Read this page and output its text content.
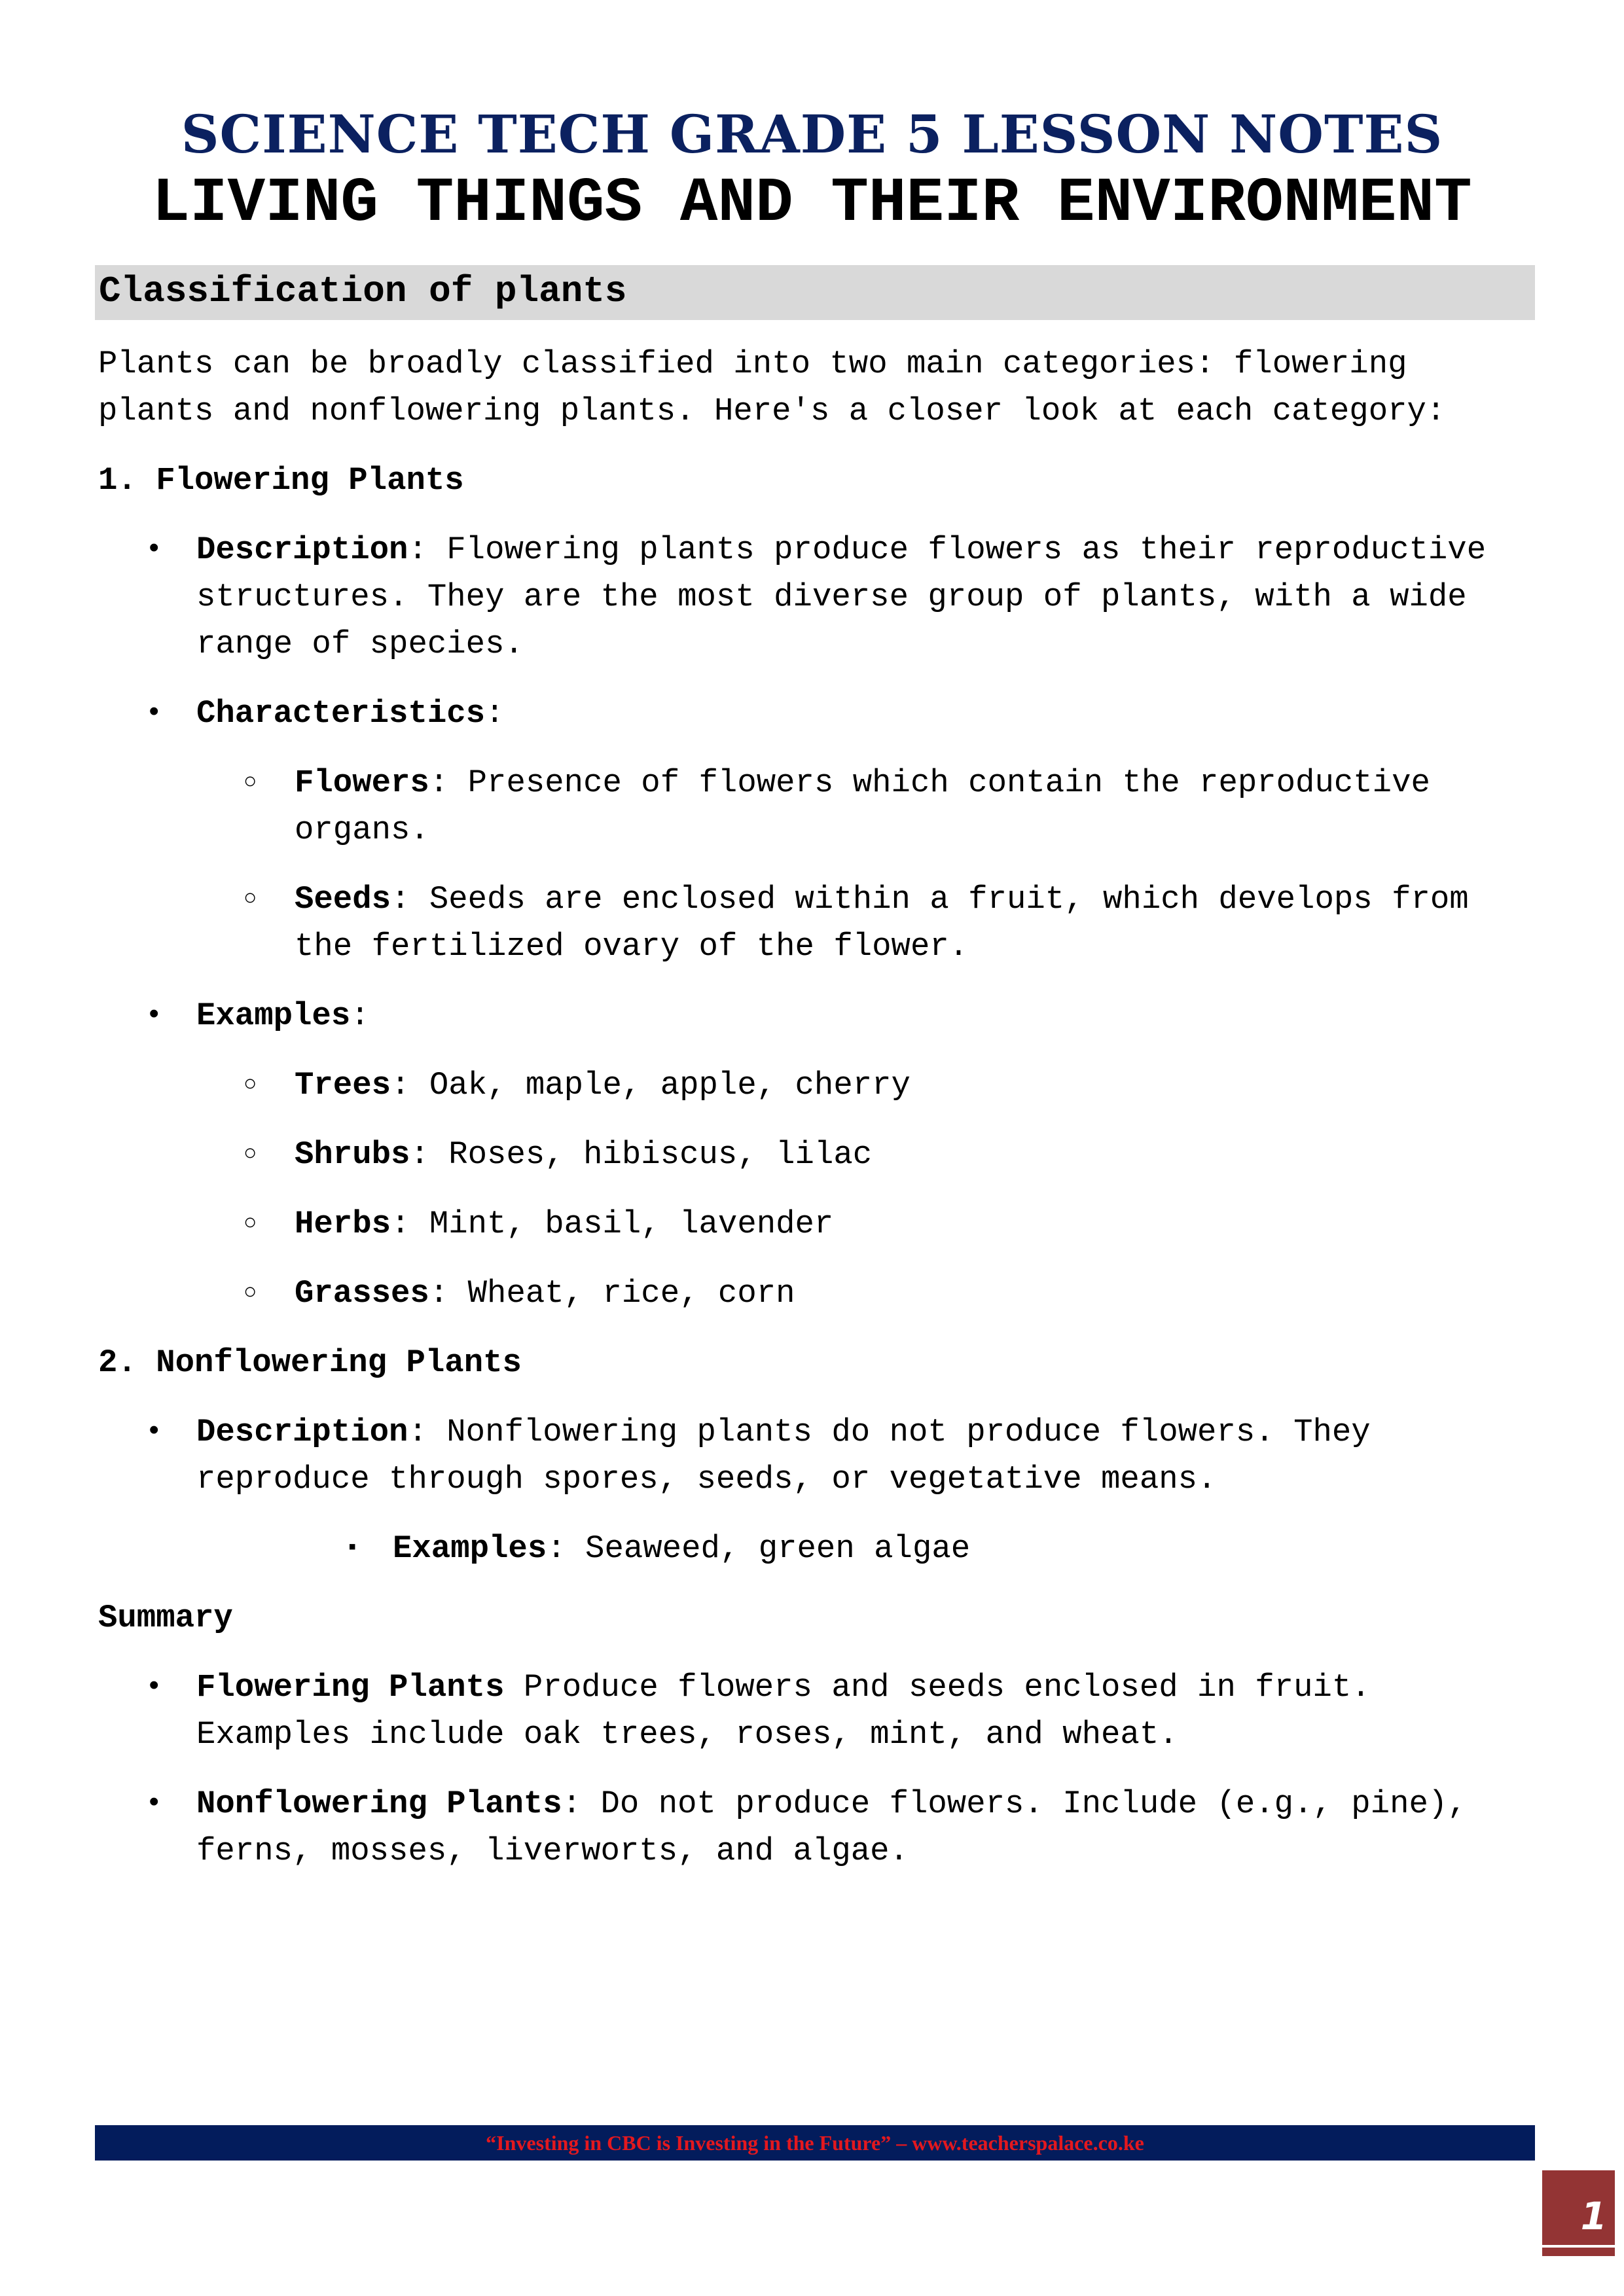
SCIENCE TECH GRADE 5 LESSON NOTES
LIVING THINGS AND THEIR ENVIRONMENT
Classification of plants

Plants can be broadly classified into two main categories: flowering plants and nonflowering plants. Here's a closer look at each category:

1. Flowering Plants
• Description: Flowering plants produce flowers as their reproductive structures. They are the most diverse group of plants, with a wide range of species.
• Characteristics:
○ Flowers: Presence of flowers which contain the reproductive organs.
○ Seeds: Seeds are enclosed within a fruit, which develops from the fertilized ovary of the flower.
• Examples:
○ Trees: Oak, maple, apple, cherry
○ Shrubs: Roses, hibiscus, lilac
○ Herbs: Mint, basil, lavender
○ Grasses: Wheat, rice, corn
2. Nonflowering Plants
• Description: Nonflowering plants do not produce flowers. They reproduce through spores, seeds, or vegetative means.
▪ Examples: Seaweed, green algae
Summary
• Flowering Plants Produce flowers and seeds enclosed in fruit. Examples include oak trees, roses, mint, and wheat.
• Nonflowering Plants: Do not produce flowers. Include (e.g., pine), ferns, mosses, liverworts, and algae.
“Investing in CBC is Investing in the Future” – www.teacherspalace.co.ke
1
